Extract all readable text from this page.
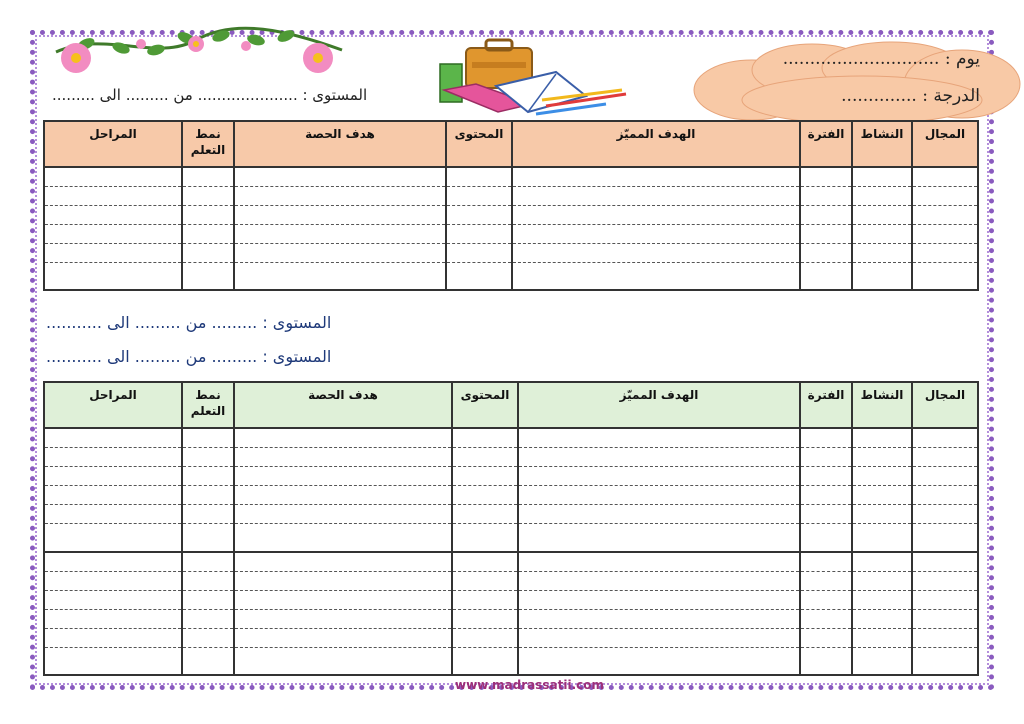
يوم : .............................
الدرجة : ..............
المستوى : ..................... من ......... الى .........
المجال	النشاط	الفترة	الهدف المميّز	المحتوى	هدف الحصة	نمط التعلم	المراحل

المستوى : ......... من ......... الى ...........
المستوى : ......... من ......... الى ...........
المجال	النشاط	الفترة	الهدف المميّز	المحتوى	هدف الحصة	نمط التعلم	المراحل

www.madrassatii.com
